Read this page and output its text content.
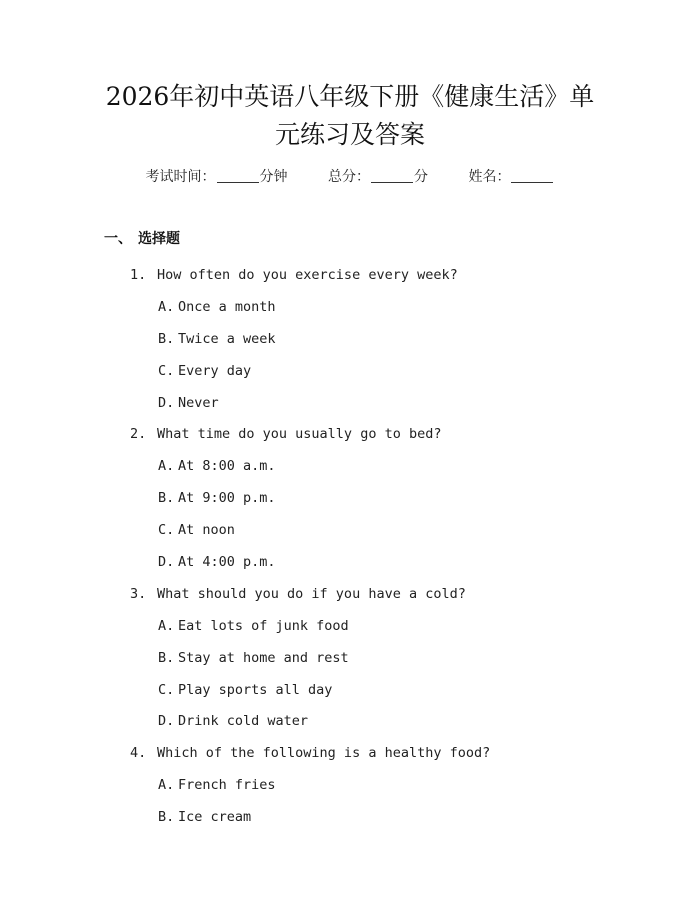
2026年初中英语八年级下册《健康生活》单
元练习及答案
考试时间：	分钟	总分：	分	姓名：
一、 选择题
1. How often do you exercise every week?
A. Once a month
B. Twice a week
C. Every day
D. Never
2. What time do you usually go to bed?
A. At 8:00 a.m.
B. At 9:00 p.m.
C. At noon
D. At 4:00 p.m.
3. What should you do if you have a cold?
A. Eat lots of junk food
B. Stay at home and rest
C. Play sports all day
D. Drink cold water
4. Which of the following is a healthy food?
A. French fries
B. Ice cream
